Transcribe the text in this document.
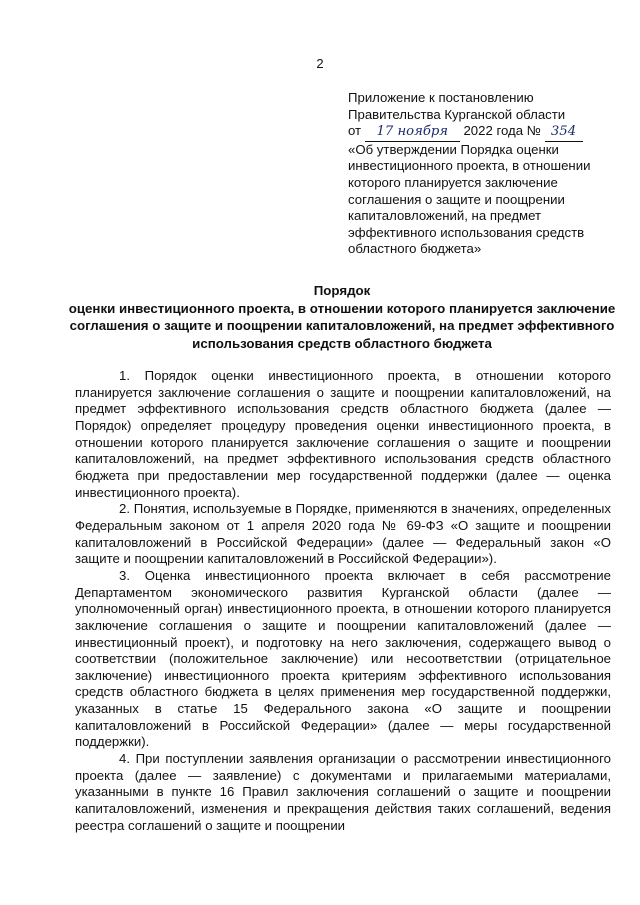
2

Приложение к постановлению

Правительства Курганской области

от 17 ноября 2022 года № 354

«Об утверждении Порядка оценки инвестиционного проекта, в отношении которого планируется заключение соглашения о защите и поощрении капиталовложений, на предмет эффективного использования средств областного бюджета»

Порядок

оценки инвестиционного проекта, в отношении которого планируется заключение соглашения о защите и поощрении капиталовложений, на предмет эффективного использования средств областного бюджета

1. Порядок оценки инвестиционного проекта, в отношении которого планируется заключение соглашения о защите и поощрении капиталовложений, на предмет эффективного использования средств областного бюджета (далее — Порядок) определяет процедуру проведения оценки инвестиционного проекта, в отношении которого планируется заключение соглашения о защите и поощрении капиталовложений, на предмет эффективного использования средств областного бюджета при предоставлении мер государственной поддержки (далее — оценка инвестиционного проекта).

2. Понятия, используемые в Порядке, применяются в значениях, определенных Федеральным законом от 1 апреля 2020 года № 69-ФЗ «О защите и поощрении капиталовложений в Российской Федерации» (далее — Федеральный закон «О защите и поощрении капиталовложений в Российской Федерации»).

3. Оценка инвестиционного проекта включает в себя рассмотрение Департаментом экономического развития Курганской области (далее — уполномоченный орган) инвестиционного проекта, в отношении которого планируется заключение соглашения о защите и поощрении капиталовложений (далее — инвестиционный проект), и подготовку на него заключения, содержащего вывод о соответствии (положительное заключение) или несоответствии (отрицательное заключение) инвестиционного проекта критериям эффективного использования средств областного бюджета в целях применения мер государственной поддержки, указанных в статье 15 Федерального закона «О защите и поощрении капиталовложений в Российской Федерации» (далее — меры государственной поддержки).

4. При поступлении заявления организации о рассмотрении инвестиционного проекта (далее — заявление) с документами и прилагаемыми материалами, указанными в пункте 16 Правил заключения соглашений о защите и поощрении капиталовложений, изменения и прекращения действия таких соглашений, ведения реестра соглашений о защите и поощрении
